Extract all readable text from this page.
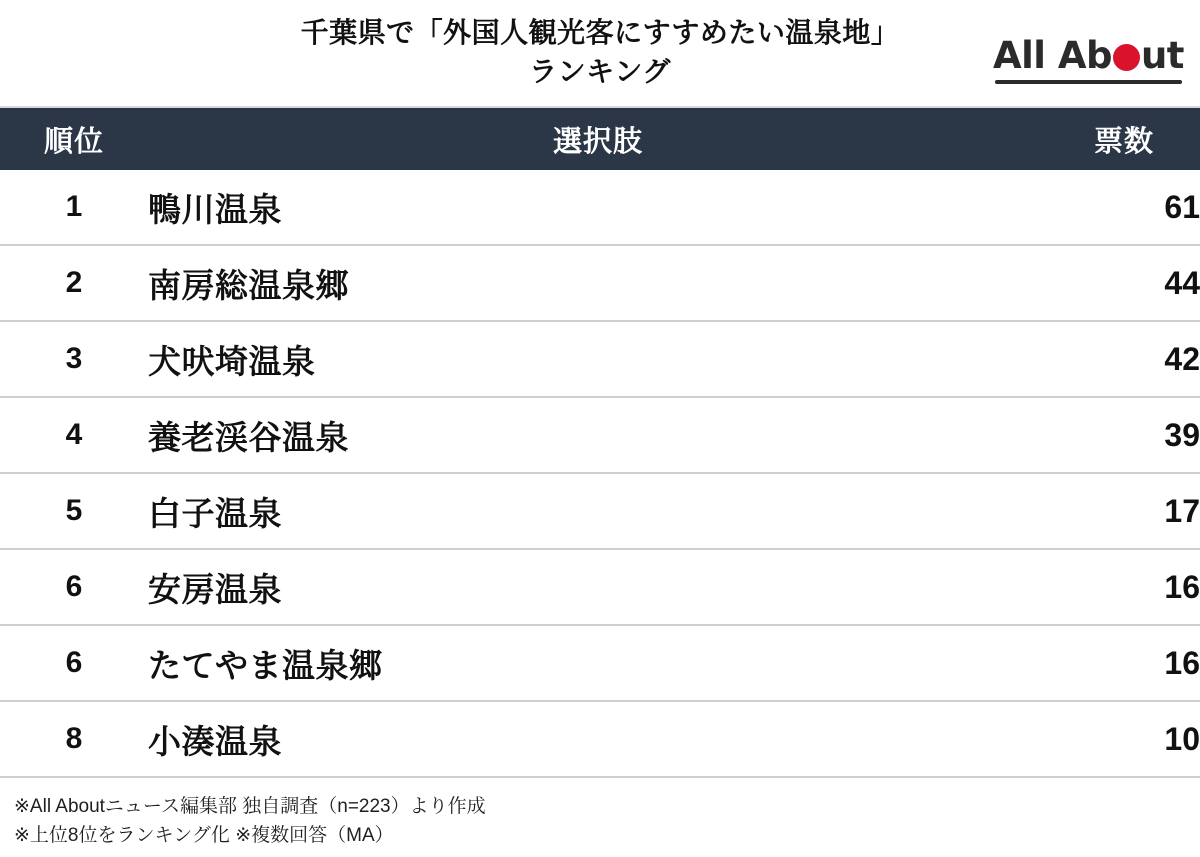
千葉県で「外国人観光客にすすめたい温泉地」
ランキング	All Ab ut
順位	選択肢	票数
1	鴨川温泉	61
2	南房総温泉郷	44
3	犬吠埼温泉	42
4	養老渓谷温泉	39
5	白子温泉	17
6	安房温泉	16
6	たてやま温泉郷	16
8	小湊温泉	10
※All Aboutニュース編集部 独自調査（n=223）より作成
※上位8位をランキング化 ※複数回答（MA）
